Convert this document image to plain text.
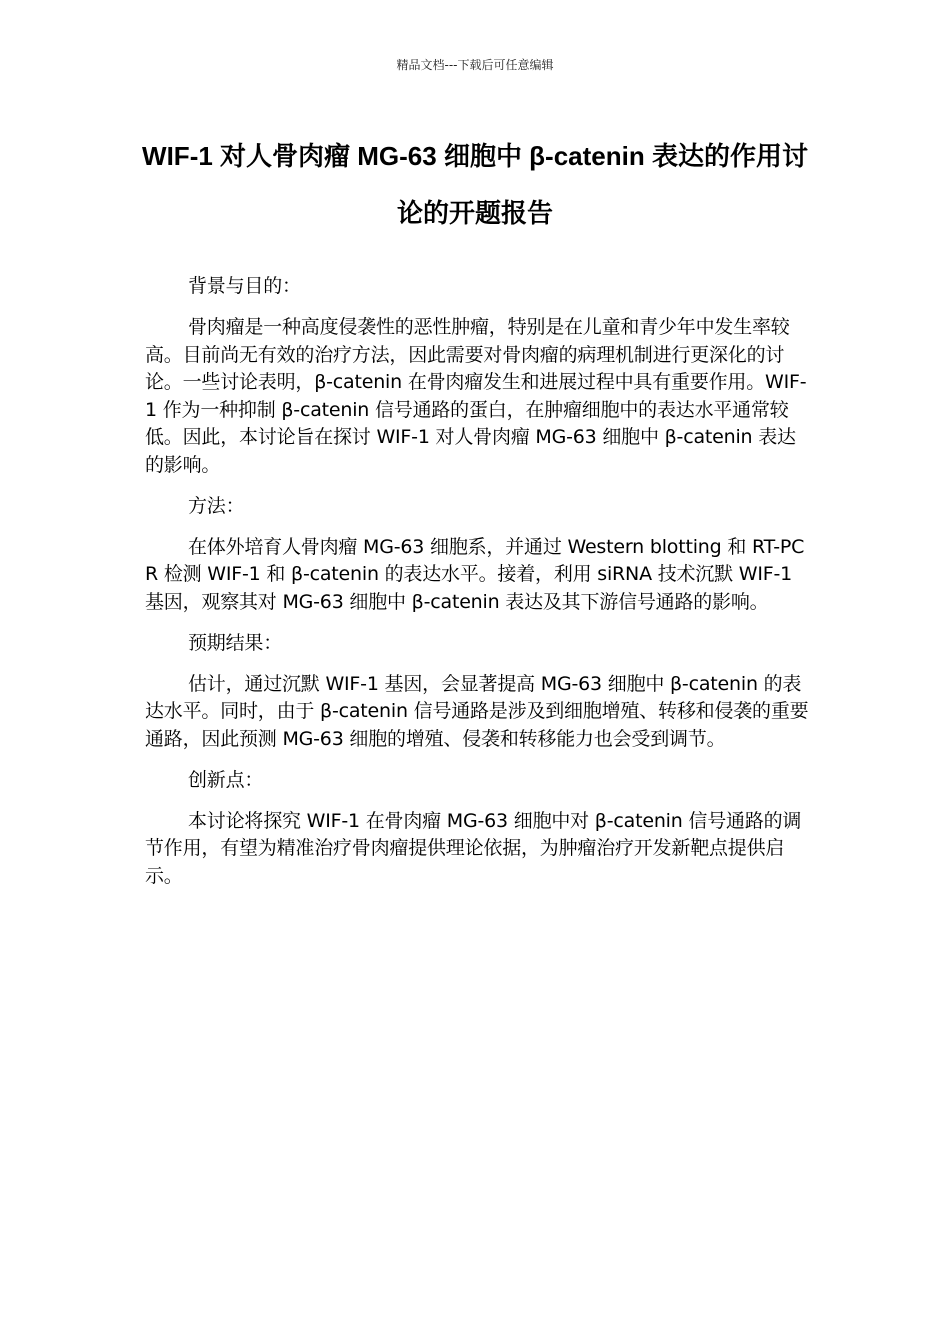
精品文档---下载后可任意编辑
WIF-1 对人骨肉瘤 MG-63 细胞中 β-catenin 表达的作用讨论的开题报告

背景与目的：

骨肉瘤是一种高度侵袭性的恶性肿瘤，特别是在儿童和青少年中发生率较高。目前尚无有效的治疗方法，因此需要对骨肉瘤的病理机制进行更深化的讨论。一些讨论表明，β-catenin 在骨肉瘤发生和进展过程中具有重要作用。WIF-1 作为一种抑制 β-catenin 信号通路的蛋白，在肿瘤细胞中的表达水平通常较低。因此，本讨论旨在探讨 WIF-1 对人骨肉瘤 MG-63 细胞中 β-catenin 表达的影响。

方法：

在体外培育人骨肉瘤 MG-63 细胞系，并通过 Western blotting 和 RT-PCR 检测 WIF-1 和 β-catenin 的表达水平。接着，利用 siRNA 技术沉默 WIF-1 基因，观察其对 MG-63 细胞中 β-catenin 表达及其下游信号通路的影响。

预期结果：

估计，通过沉默 WIF-1 基因，会显著提高 MG-63 细胞中 β-catenin 的表达水平。同时，由于 β-catenin 信号通路是涉及到细胞增殖、转移和侵袭的重要通路，因此预测 MG-63 细胞的增殖、侵袭和转移能力也会受到调节。

创新点：

本讨论将探究 WIF-1 在骨肉瘤 MG-63 细胞中对 β-catenin 信号通路的调节作用，有望为精准治疗骨肉瘤提供理论依据，为肿瘤治疗开发新靶点提供启示。
